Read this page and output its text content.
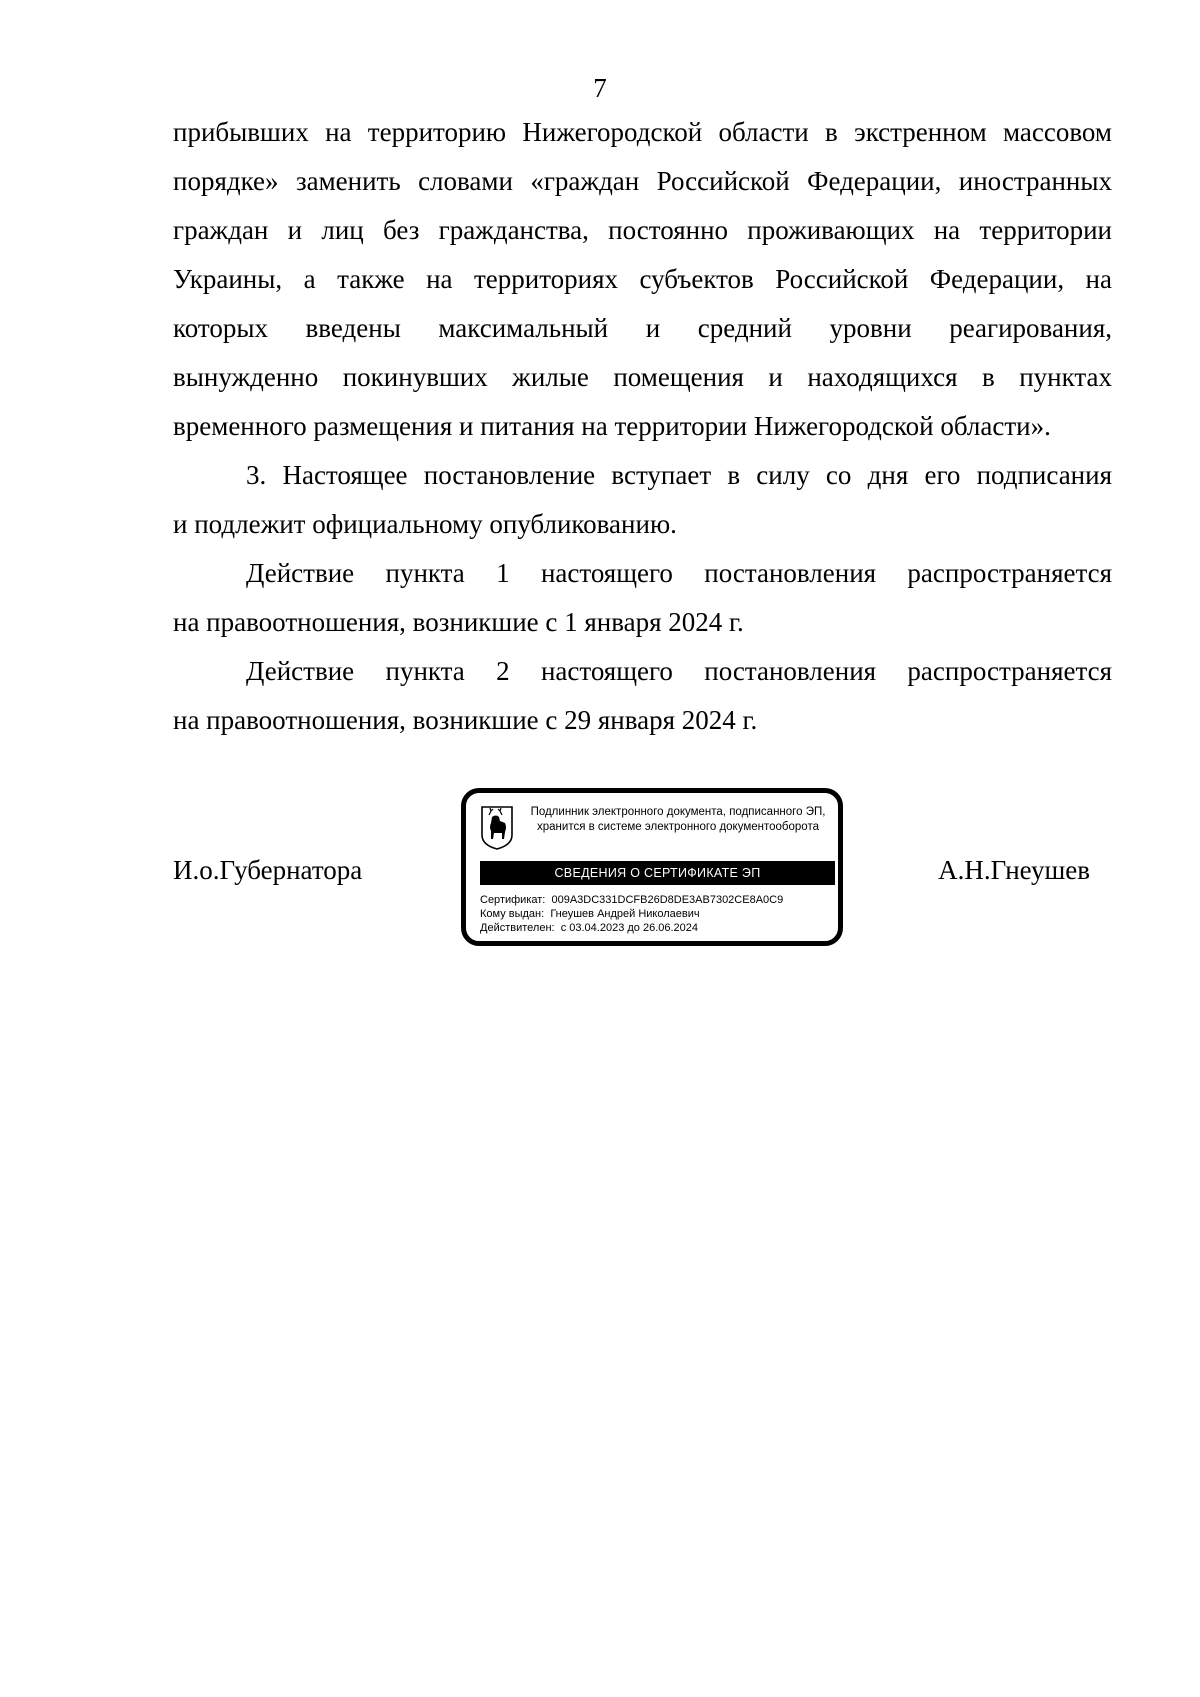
7
прибывших на территорию Нижегородской области в экстренном массовом
порядке» заменить словами «граждан Российской Федерации, иностранных
граждан и лиц без гражданства, постоянно проживающих на территории
Украины, а также на территориях субъектов Российской Федерации, на
которых введены максимальный и средний уровни реагирования,
вынужденно покинувших жилые помещения и находящихся в пунктах
временного размещения и питания на территории Нижегородской области».
3. Настоящее постановление вступает в силу со дня его подписания
и подлежит официальному опубликованию.
Действие пункта 1 настоящего постановления распространяется
на правоотношения, возникшие с 1 января 2024 г.
Действие пункта 2 настоящего постановления распространяется
на правоотношения, возникшие с 29 января 2024 г.
И.о.Губернатора	А.Н.Гнеушев
Подлинник электронного документа, подписанного ЭП,
хранится в системе электронного документооборота
СВЕДЕНИЯ О СЕРТИФИКАТЕ ЭП
Сертификат:  009A3DC331DCFB26D8DE3AB7302CE8A0C9
Кому выдан:  Гнеушев Андрей Николаевич
Действителен:  с 03.04.2023 до 26.06.2024
